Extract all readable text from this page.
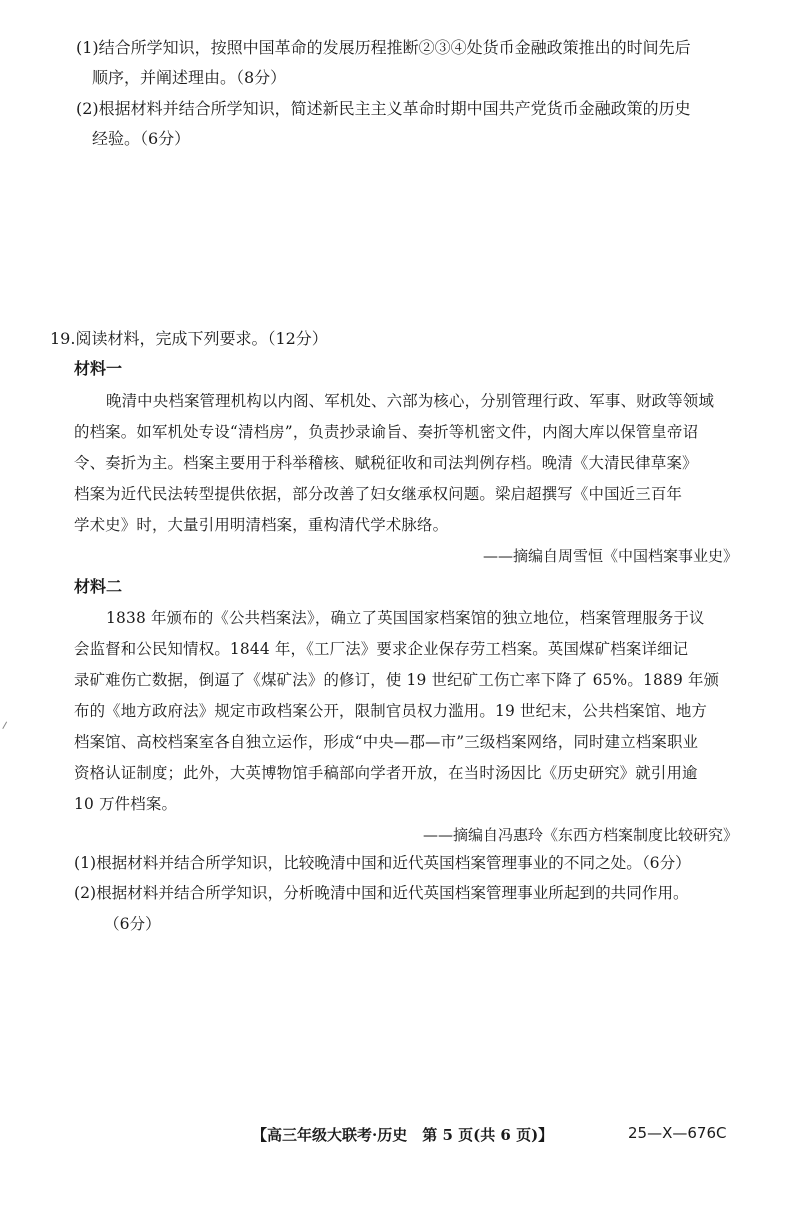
(1)结合所学知识，按照中国革命的发展历程推断②③④处货币金融政策推出的时间先后
顺序，并阐述理由。（8分）
(2)根据材料并结合所学知识，简述新民主主义革命时期中国共产党货币金融政策的历史
经验。（6分）
19.阅读材料，完成下列要求。（12分）
材料一
晚清中央档案管理机构以内阁、军机处、六部为核心，分别管理行政、军事、财政等领域
的档案。如军机处专设“清档房”，负责抄录谕旨、奏折等机密文件，内阁大库以保管皇帝诏
令、奏折为主。档案主要用于科举稽核、赋税征收和司法判例存档。晚清《大清民律草案》
档案为近代民法转型提供依据，部分改善了妇女继承权问题。梁启超撰写《中国近三百年
学术史》时，大量引用明清档案，重构清代学术脉络。
——摘编自周雪恒《中国档案事业史》
材料二
1838 年颁布的《公共档案法》，确立了英国国家档案馆的独立地位，档案管理服务于议
会监督和公民知情权。1844 年，《工厂法》要求企业保存劳工档案。英国煤矿档案详细记
录矿难伤亡数据，倒逼了《煤矿法》的修订，使 19 世纪矿工伤亡率下降了 65%。1889 年颁
布的《地方政府法》规定市政档案公开，限制官员权力滥用。19 世纪末，公共档案馆、地方
档案馆、高校档案室各自独立运作，形成“中央—郡—市”三级档案网络，同时建立档案职业
资格认证制度；此外，大英博物馆手稿部向学者开放，在当时汤因比《历史研究》就引用逾
10 万件档案。
——摘编自冯惠玲《东西方档案制度比较研究》
(1)根据材料并结合所学知识，比较晚清中国和近代英国档案管理事业的不同之处。（6分）
(2)根据材料并结合所学知识，分析晚清中国和近代英国档案管理事业所起到的共同作用。
（6分）
【高三年级大联考·历史　第 5 页(共 6 页)】	25—X—676C
